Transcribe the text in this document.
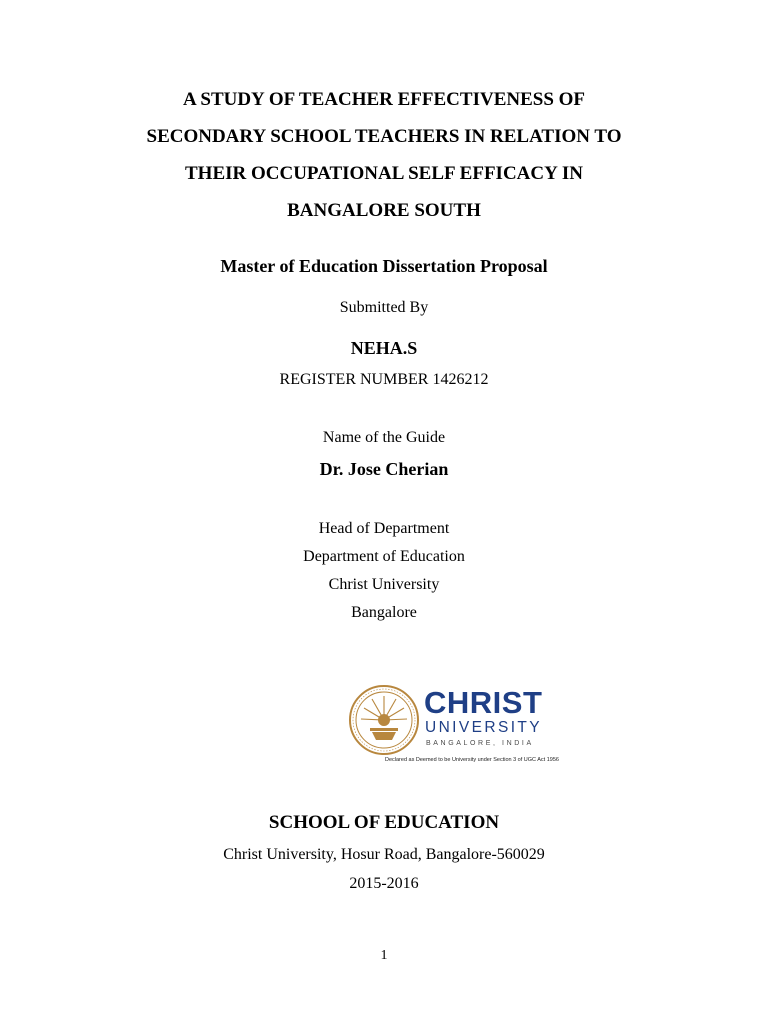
A STUDY OF TEACHER EFFECTIVENESS OF
SECONDARY SCHOOL TEACHERS IN RELATION TO
THEIR OCCUPATIONAL SELF EFFICACY IN
BANGALORE SOUTH
Master of Education Dissertation Proposal
Submitted By
NEHA.S
REGISTER NUMBER 1426212
Name of the Guide
Dr. Jose Cherian
Head of Department
Department of Education
Christ University
Bangalore
CHRIST
UNIVERSITY
BANGALORE, INDIA
Declared as Deemed to be University under Section 3 of UGC Act 1956
SCHOOL OF EDUCATION
Christ University, Hosur Road, Bangalore-560029
2015-2016
1
